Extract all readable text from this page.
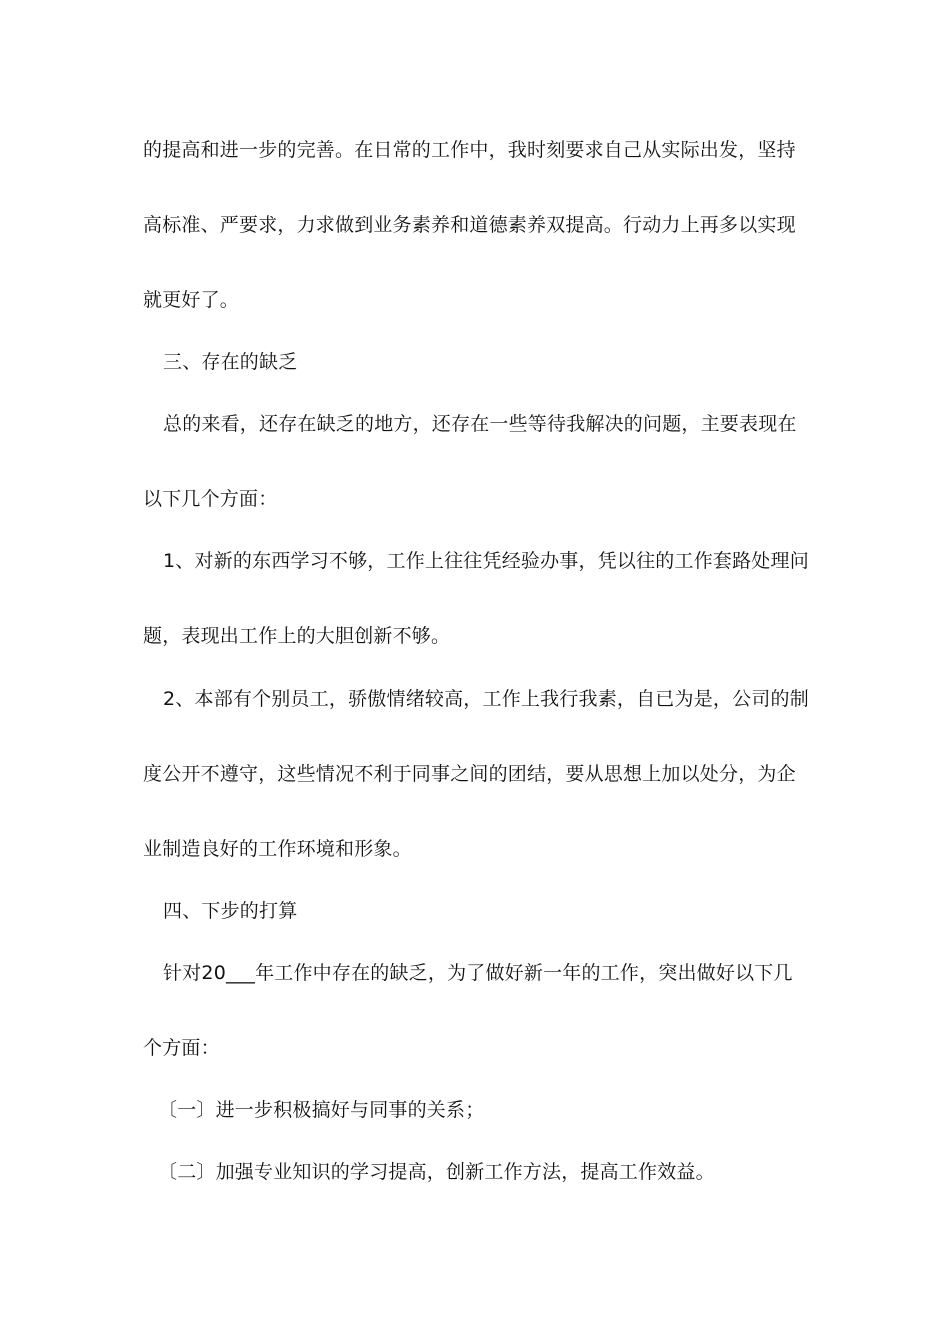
的提高和进一步的完善。在日常的工作中，我时刻要求自己从实际出发，坚持
高标准、严要求，力求做到业务素养和道德素养双提高。行动力上再多以实现
就更好了。
三、存在的缺乏
总的来看，还存在缺乏的地方，还存在一些等待我解决的问题，主要表现在
以下几个方面：
1、对新的东西学习不够，工作上往往凭经验办事，凭以往的工作套路处理问
题，表现出工作上的大胆创新不够。
2、本部有个别员工，骄傲情绪较高，工作上我行我素，自已为是，公司的制
度公开不遵守，这些情况不利于同事之间的团结，要从思想上加以处分，为企
业制造良好的工作环境和形象。
四、下步的打算
针对20___年工作中存在的缺乏，为了做好新一年的工作，突出做好以下几
个方面：
〔一〕进一步积极搞好与同事的关系；
〔二〕加强专业知识的学习提高，创新工作方法，提高工作效益。
